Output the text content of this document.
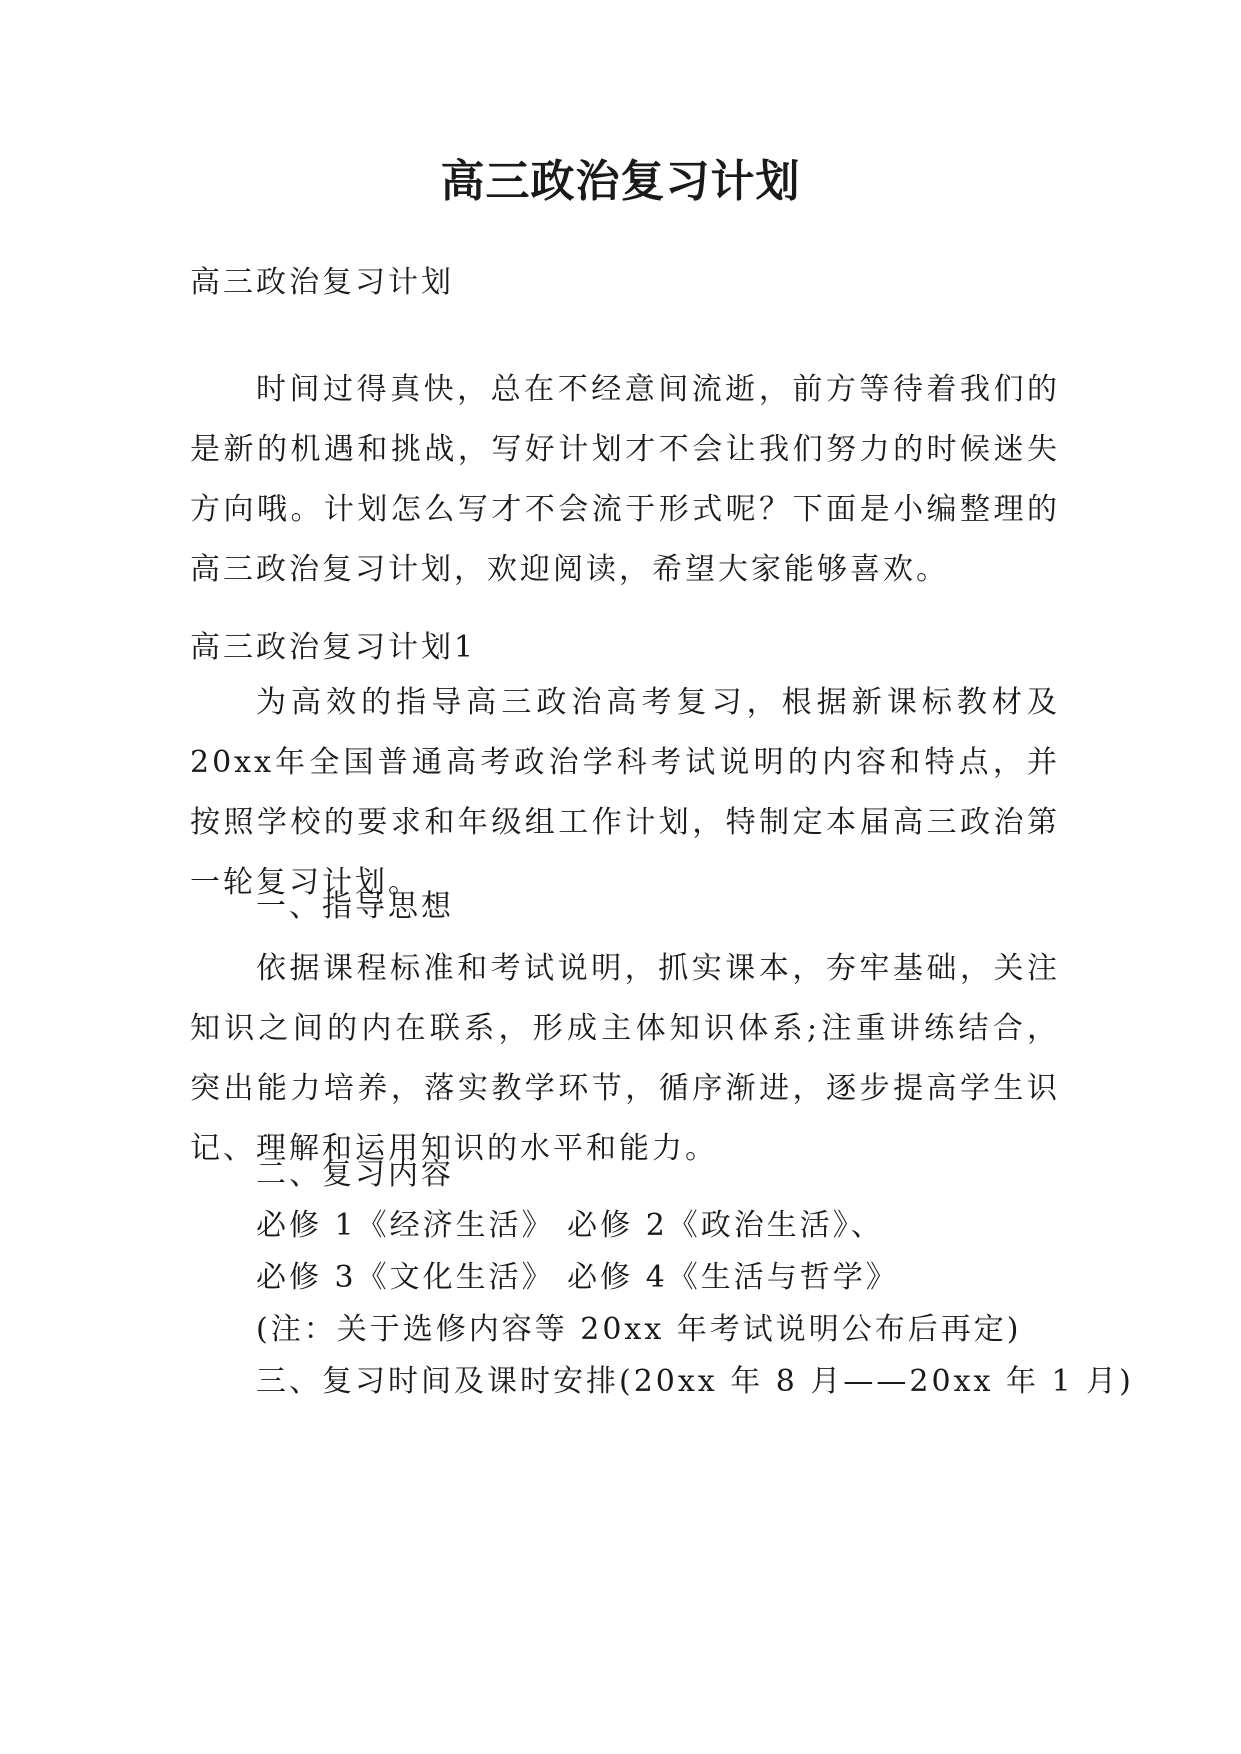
高三政治复习计划

高三政治复习计划

时间过得真快，总在不经意间流逝，前方等待着我们的是新的机遇和挑战，写好计划才不会让我们努力的时候迷失方向哦。计划怎么写才不会流于形式呢？下面是小编整理的高三政治复习计划，欢迎阅读，希望大家能够喜欢。

高三政治复习计划1

为高效的指导高三政治高考复习，根据新课标教材及20xx年全国普通高考政治学科考试说明的内容和特点，并按照学校的要求和年级组工作计划，特制定本届高三政治第一轮复习计划。

一、指导思想

依据课程标准和考试说明，抓实课本，夯牢基础，关注知识之间的内在联系，形成主体知识体系;注重讲练结合，突出能力培养，落实教学环节，循序渐进，逐步提高学生识记、理解和运用知识的水平和能力。

二、复习内容

必修 1《经济生活》 必修 2《政治生活》、

必修 3《文化生活》 必修 4《生活与哲学》

(注：关于选修内容等 20xx 年考试说明公布后再定)

三、复习时间及课时安排(20xx 年 8 月——20xx 年 1 月)
